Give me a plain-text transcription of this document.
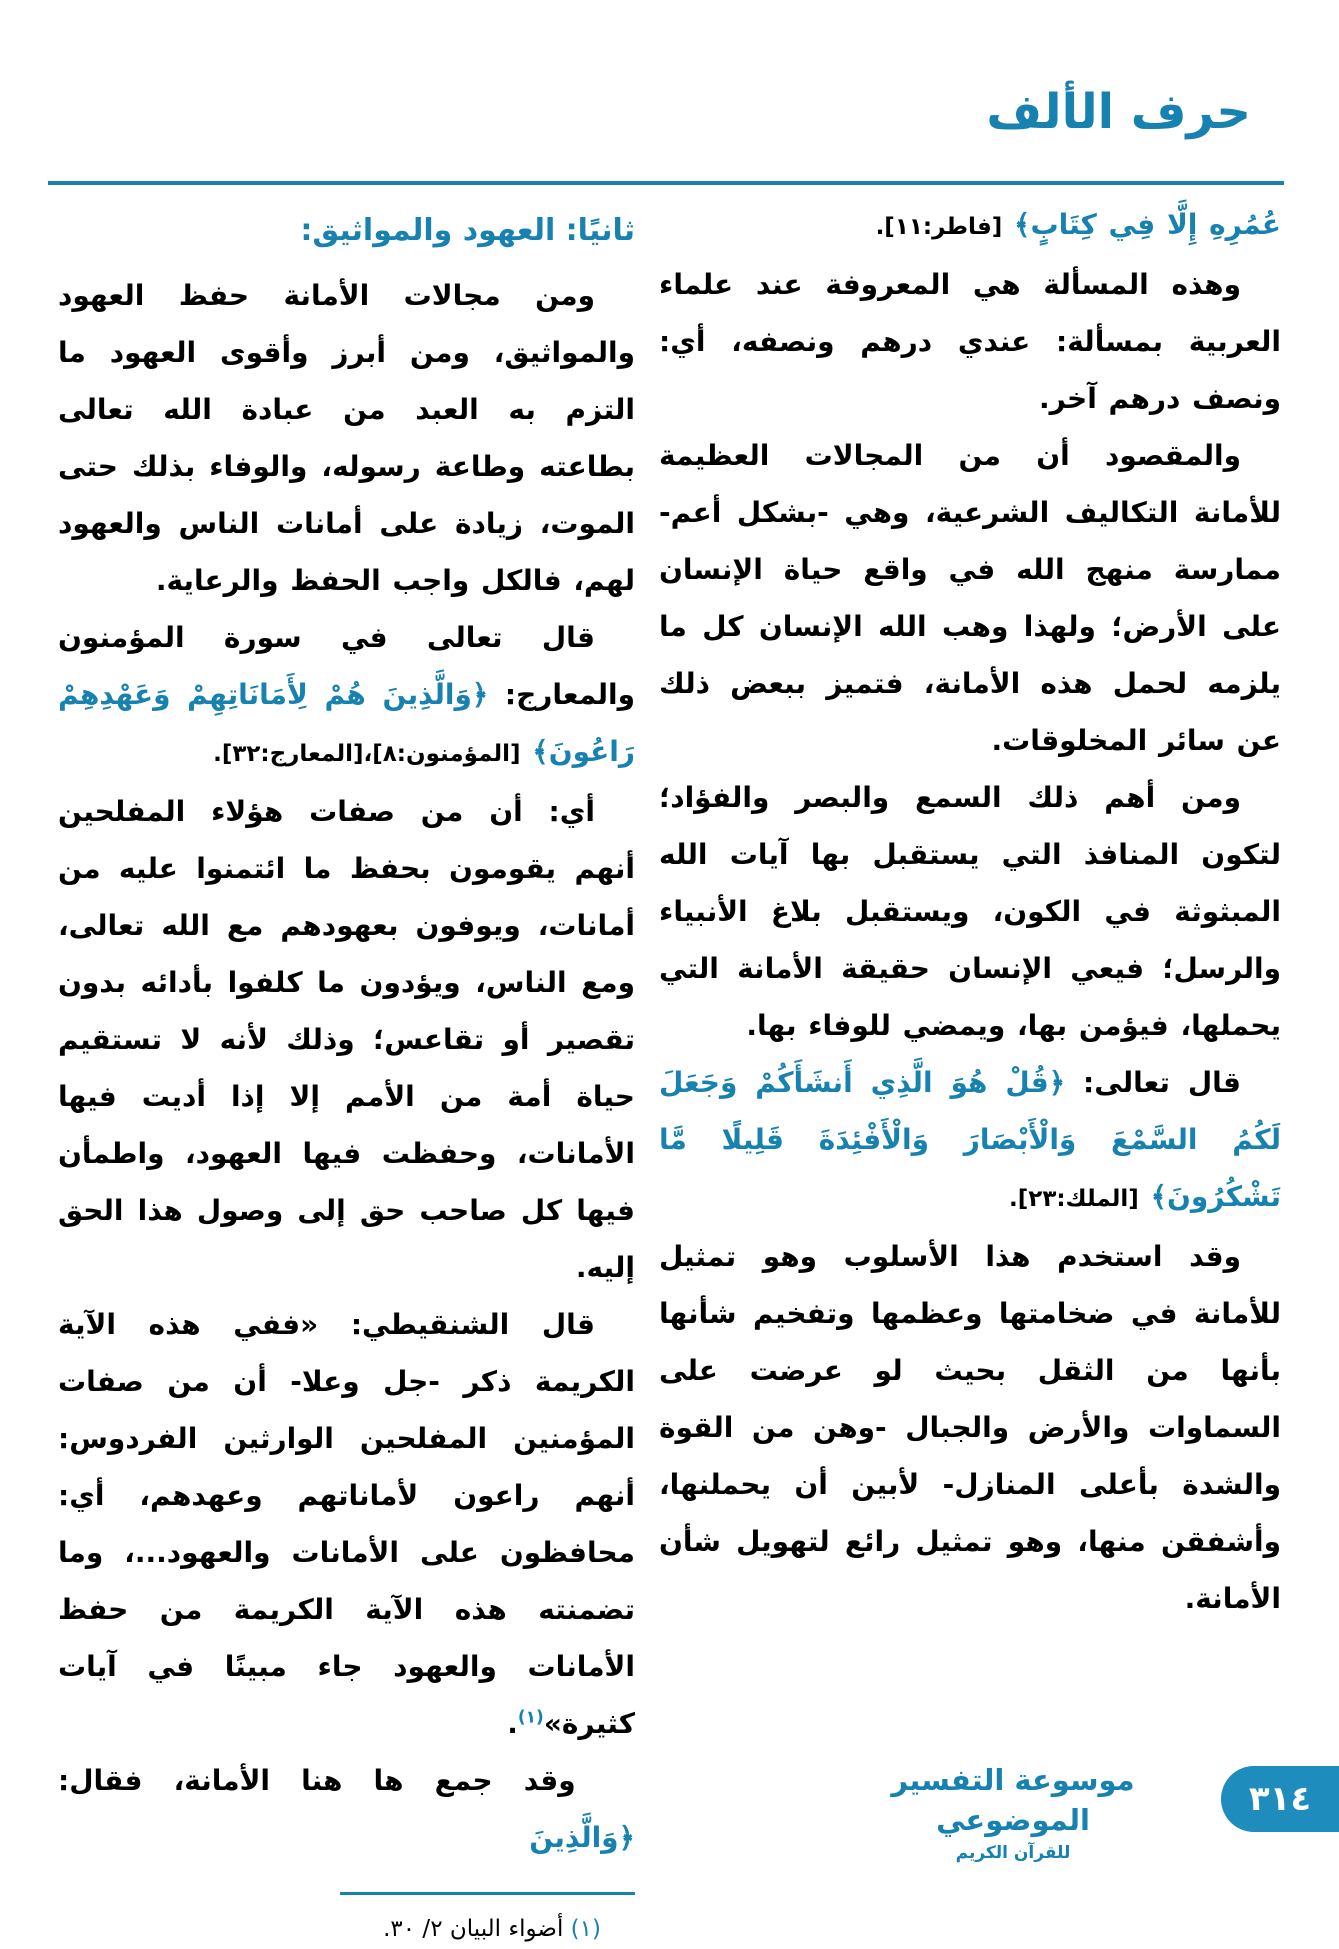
حرف الألف

عُمُرِهِ إِلَّا فِي كِتَابٍ﴾ [فاطر:١١].

وهذه المسألة هي المعروفة عند علماء العربية بمسألة: عندي درهم ونصفه، أي: ونصف درهم آخر.

والمقصود أن من المجالات العظيمة للأمانة التكاليف الشرعية، وهي -بشكل أعم- ممارسة منهج الله في واقع حياة الإنسان على الأرض؛ ولهذا وهب الله الإنسان كل ما يلزمه لحمل هذه الأمانة، فتميز ببعض ذلك عن سائر المخلوقات.

ومن أهم ذلك السمع والبصر والفؤاد؛ لتكون المنافذ التي يستقبل بها آيات الله المبثوثة في الكون، ويستقبل بلاغ الأنبياء والرسل؛ فيعي الإنسان حقيقة الأمانة التي يحملها، فيؤمن بها، ويمضي للوفاء بها.

قال تعالى: ﴿قُلْ هُوَ الَّذِي أَنشَأَكُمْ وَجَعَلَ لَكُمُ السَّمْعَ وَالْأَبْصَارَ وَالْأَفْئِدَةَ قَلِيلًا مَّا تَشْكُرُونَ﴾ [الملك:٢٣].

وقد استخدم هذا الأسلوب وهو تمثيل للأمانة في ضخامتها وعظمها وتفخيم شأنها بأنها من الثقل بحيث لو عرضت على السماوات والأرض والجبال -وهن من القوة والشدة بأعلى المنازل- لأبين أن يحملنها، وأشفقن منها، وهو تمثيل رائع لتهويل شأن الأمانة.

ثانيًا: العهود والمواثيق:

ومن مجالات الأمانة حفظ العهود والمواثيق، ومن أبرز وأقوى العهود ما التزم به العبد من عبادة الله تعالى بطاعته وطاعة رسوله، والوفاء بذلك حتى الموت، زيادة على أمانات الناس والعهود لهم، فالكل واجب الحفظ والرعاية.

قال تعالى في سورة المؤمنون والمعارج: ﴿وَالَّذِينَ هُمْ لِأَمَانَاتِهِمْ وَعَهْدِهِمْ رَاعُونَ﴾ [المؤمنون:٨]،[المعارج:٣٢].

أي: أن من صفات هؤلاء المفلحين أنهم يقومون بحفظ ما ائتمنوا عليه من أمانات، ويوفون بعهودهم مع الله تعالى، ومع الناس، ويؤدون ما كلفوا بأدائه بدون تقصير أو تقاعس؛ وذلك لأنه لا تستقيم حياة أمة من الأمم إلا إذا أديت فيها الأمانات، وحفظت فيها العهود، واطمأن فيها كل صاحب حق إلى وصول هذا الحق إليه.

قال الشنقيطي: «ففي هذه الآية الكريمة ذكر -جل وعلا- أن من صفات المؤمنين المفلحين الوارثين الفردوس: أنهم راعون لأماناتهم وعهدهم، أي: محافظون على الأمانات والعهود...، وما تضمنته هذه الآية الكريمة من حفظ الأمانات والعهود جاء مبينًا في آيات كثيرة»$^{(١)}$.

وقد جمع ها هنا الأمانة، فقال: ﴿وَالَّذِينَ

(١) أضواء البيان ٢/ ٣٠.

موسوعة التفسير الموضوعي
للقرآن الكريم
٣١٤
